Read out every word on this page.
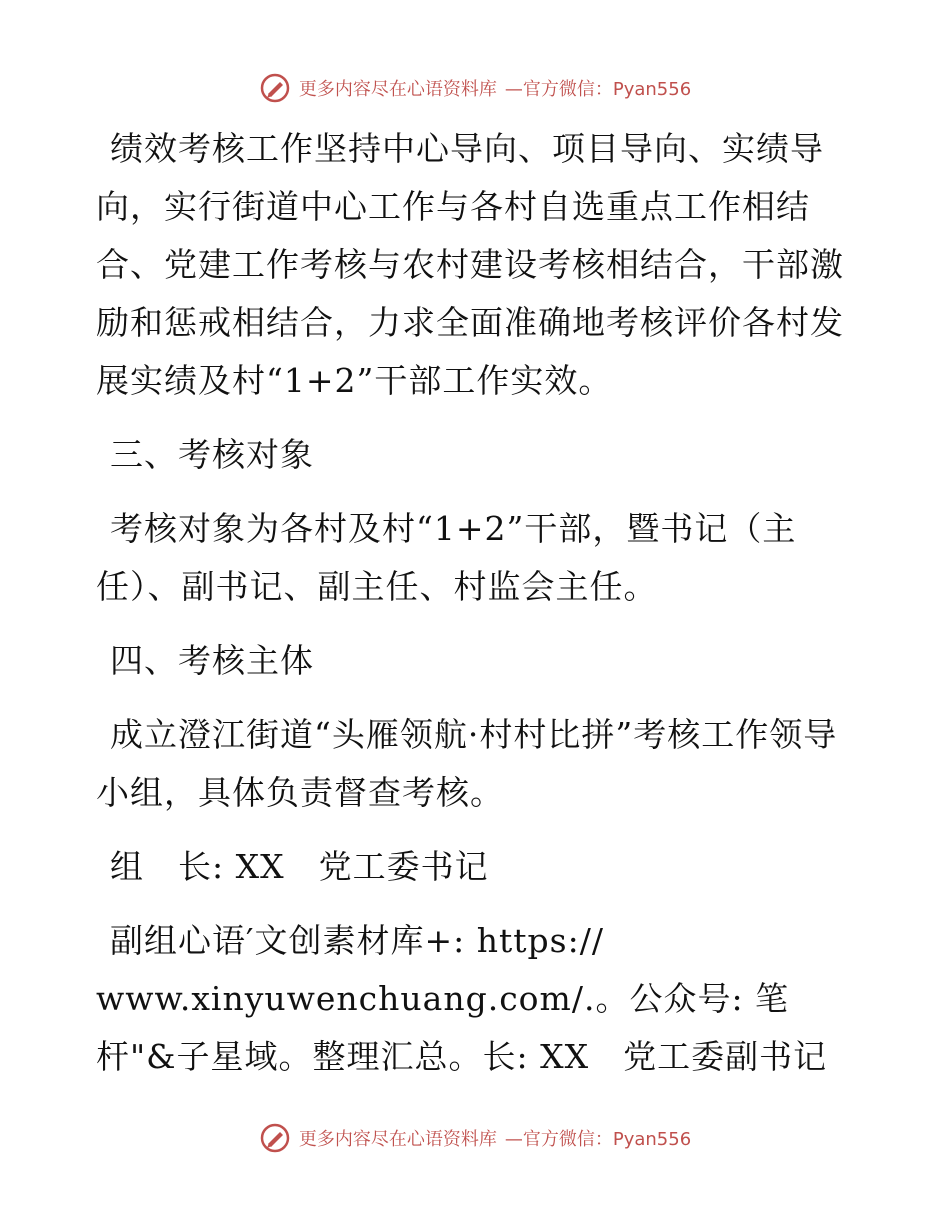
更多内容尽在心语资料库 —官方微信：Pyan556

绩效考核工作坚持中心导向、项目导向、实绩导向，实行街道中心工作与各村自选重点工作相结合、党建工作考核与农村建设考核相结合，干部激励和惩戒相结合，力求全面准确地考核评价各村发展实绩及村“1+2”干部工作实效。

三、考核对象

考核对象为各村及村“1+2”干部，暨书记（主任）、副书记、副主任、村监会主任。

四、考核主体

成立澄江街道“头雁领航·村村比拼”考核工作领导小组，具体负责督查考核。

组　长: XX　党工委书记

副组心语′文创素材库+: https://

www.xinyuwenchuang.com/.。公众号: 笔杆"&子星域。整理汇总。长: XX　党工委副书记

更多内容尽在心语资料库 —官方微信：Pyan556
